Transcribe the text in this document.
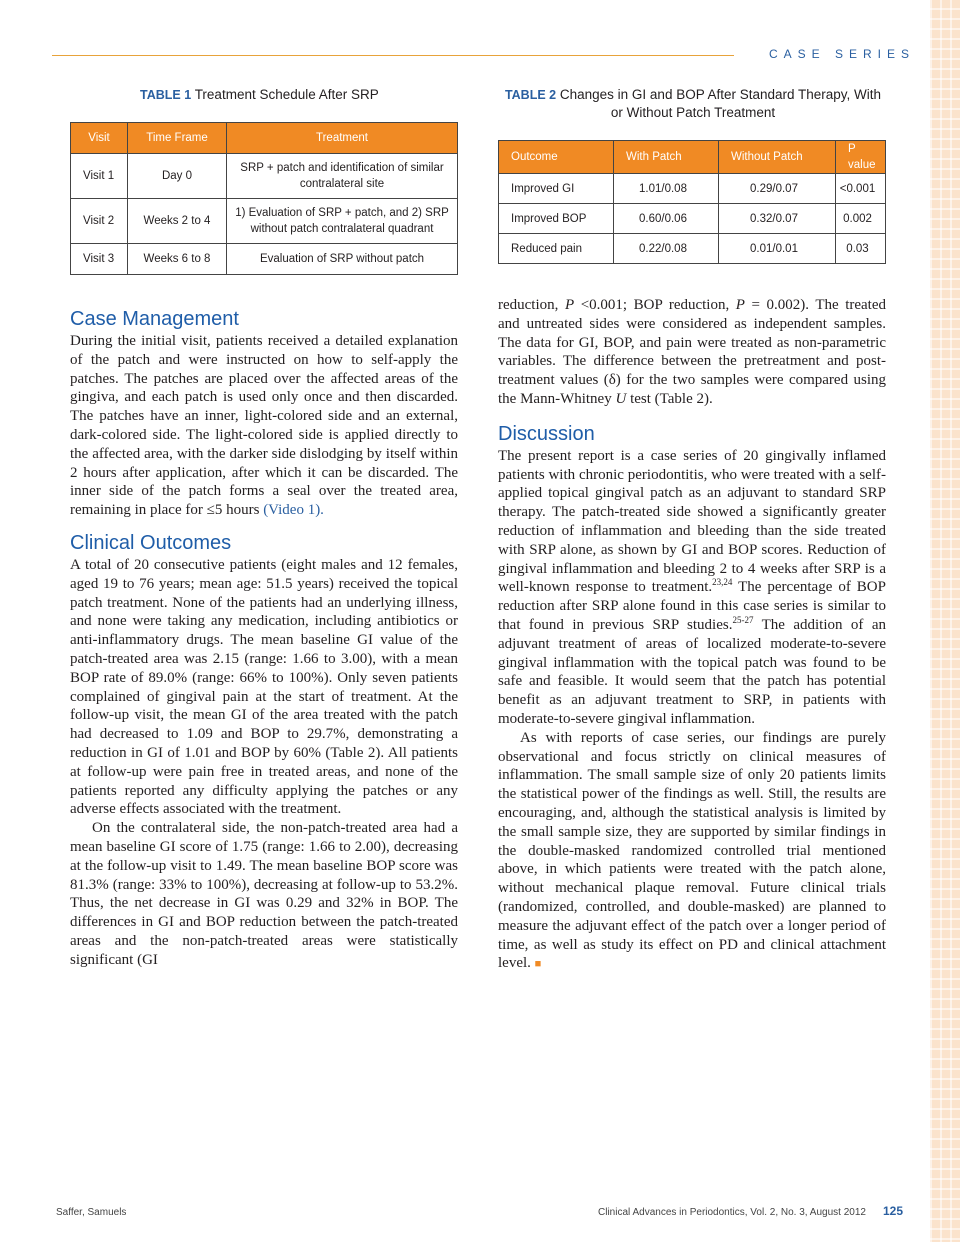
CASE SERIES
TABLE 1 Treatment Schedule After SRP
Visit	Time Frame	Treatment
Visit 1	Day 0	SRP + patch and identification of similar contralateral site
Visit 2	Weeks 2 to 4	1) Evaluation of SRP + patch, and 2) SRP without patch contralateral quadrant
Visit 3	Weeks 6 to 8	Evaluation of SRP without patch
TABLE 2 Changes in GI and BOP After Standard Therapy, With or Without Patch Treatment
Outcome	With Patch	Without Patch	P value
Improved GI	1.01/0.08	0.29/0.07	<0.001
Improved BOP	0.60/0.06	0.32/0.07	0.002
Reduced pain	0.22/0.08	0.01/0.01	0.03
Case Management

During the initial visit, patients received a detailed explanation of the patch and were instructed on how to self-apply the patches. The patches are placed over the affected areas of the gingiva, and each patch is used only once and then discarded. The patches have an inner, light-colored side and an external, dark-colored side. The light-colored side is applied directly to the affected area, with the darker side dislodging by itself within 2 hours after application, after which it can be discarded. The inner side of the patch forms a seal over the treated area, remaining in place for ≤5 hours (Video 1).

Clinical Outcomes

A total of 20 consecutive patients (eight males and 12 females, aged 19 to 76 years; mean age: 51.5 years) received the topical patch treatment. None of the patients had an underlying illness, and none were taking any medication, including antibiotics or anti-inflammatory drugs. The mean baseline GI value of the patch-treated area was 2.15 (range: 1.66 to 3.00), with a mean BOP rate of 89.0% (range: 66% to 100%). Only seven patients complained of gingival pain at the start of treatment. At the follow-up visit, the mean GI of the area treated with the patch had decreased to 1.09 and BOP to 29.7%, demonstrating a reduction in GI of 1.01 and BOP by 60% (Table 2). All patients at follow-up were pain free in treated areas, and none of the patients reported any difficulty applying the patches or any adverse effects associated with the treatment.

On the contralateral side, the non-patch-treated area had a mean baseline GI score of 1.75 (range: 1.66 to 2.00), decreasing at the follow-up visit to 1.49. The mean baseline BOP score was 81.3% (range: 33% to 100%), decreasing at follow-up to 53.2%. Thus, the net decrease in GI was 0.29 and 32% in BOP. The differences in GI and BOP reduction between the patch-treated areas and the non-patch-treated areas were statistically significant (GI

reduction, P <0.001; BOP reduction, P = 0.002). The treated and untreated sides were considered as independent samples. The data for GI, BOP, and pain were treated as non-parametric variables. The difference between the pretreatment and post-treatment values (δ) for the two samples were compared using the Mann-Whitney U test (Table 2).

Discussion

The present report is a case series of 20 gingivally inflamed patients with chronic periodontitis, who were treated with a self-applied topical gingival patch as an adjuvant to standard SRP therapy. The patch-treated side showed a significantly greater reduction of inflammation and bleeding than the side treated with SRP alone, as shown by GI and BOP scores. Reduction of gingival inflammation and bleeding 2 to 4 weeks after SRP is a well-known response to treatment.$^{23,24}$ The percentage of BOP reduction after SRP alone found in this case series is similar to that found in previous SRP studies.$^{25-27}$ The addition of an adjuvant treatment of areas of localized moderate-to-severe gingival inflammation with the topical patch was found to be safe and feasible. It would seem that the patch has potential benefit as an adjuvant treatment to SRP, in patients with moderate-to-severe gingival inflammation.

As with reports of case series, our findings are purely observational and focus strictly on clinical measures of inflammation. The small sample size of only 20 patients limits the statistical power of the findings as well. Still, the results are encouraging, and, although the statistical analysis is limited by the small sample size, they are supported by similar findings in the double-masked randomized controlled trial mentioned above, in which patients were treated with the patch alone, without mechanical plaque removal. Future clinical trials (randomized, controlled, and double-masked) are planned to measure the adjuvant effect of the patch over a longer period of time, as well as study its effect on PD and clinical attachment level. ■

Saffer, Samuels	Clinical Advances in Periodontics, Vol. 2, No. 3, August 2012 125
